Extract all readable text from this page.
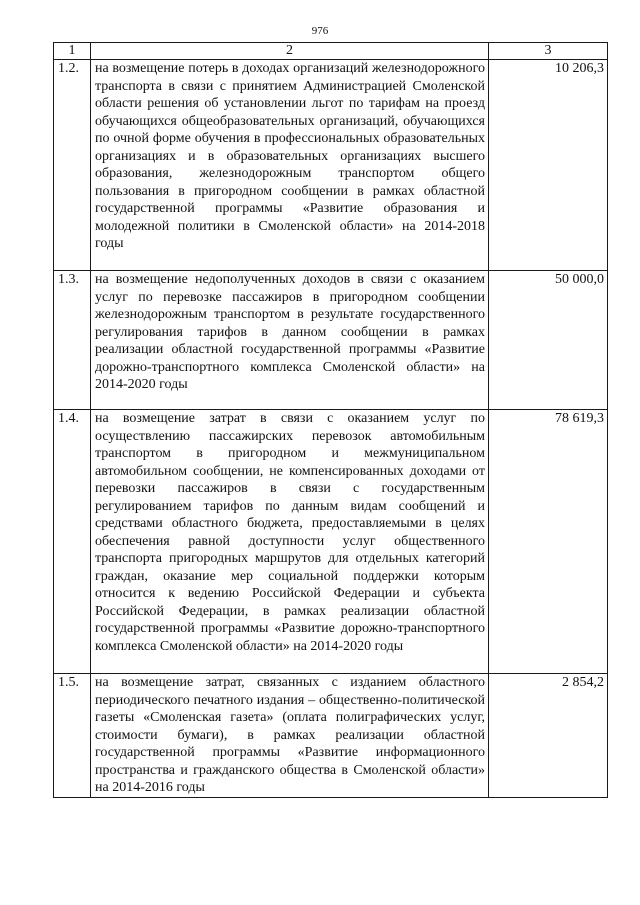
976
1	2	3
1.2.	на возмещение потерь в доходах организаций железнодорожного транспорта в связи с принятием Администрацией Смоленской области решения об установлении льгот по тарифам на проезд обучающихся общеобразовательных организаций, обучающихся по очной форме обучения в профессиональных образовательных организациях и в образовательных организациях высшего образования, железнодорожным транспортом общего пользования в пригородном сообщении в рамках областной государственной программы «Развитие образования и молодежной политики в Смоленской области» на 2014-2018 годы	10 206,3
1.3.	на возмещение недополученных доходов в связи с оказанием услуг по перевозке пассажиров в пригородном сообщении железнодорожным транспортом в результате государственного регулирования тарифов в данном сообщении в рамках реализации областной государственной программы «Развитие дорожно-транспортного комплекса Смоленской области» на 2014-2020 годы	50 000,0
1.4.	на возмещение затрат в связи с оказанием услуг по осуществлению пассажирских перевозок автомобильным транспортом в пригородном и межмуниципальном автомобильном сообщении, не компенсированных доходами от перевозки пассажиров в связи с государственным регулированием тарифов по данным видам сообщений и средствами областного бюджета, предоставляемыми в целях обеспечения равной доступности услуг общественного транспорта пригородных маршрутов для отдельных категорий граждан, оказание мер социальной поддержки которым относится к ведению Российской Федерации и субъекта Российской Федерации, в рамках реализации областной государственной программы «Развитие дорожно-транспортного комплекса Смоленской области» на 2014-2020 годы	78 619,3
1.5.	на возмещение затрат, связанных с изданием областного периодического печатного издания – общественно-политической газеты «Смоленская газета» (оплата полиграфических услуг, стоимости бумаги), в рамках реализации областной государственной программы «Развитие информационного пространства и гражданского общества в Смоленской области» на 2014-2016 годы	2 854,2
